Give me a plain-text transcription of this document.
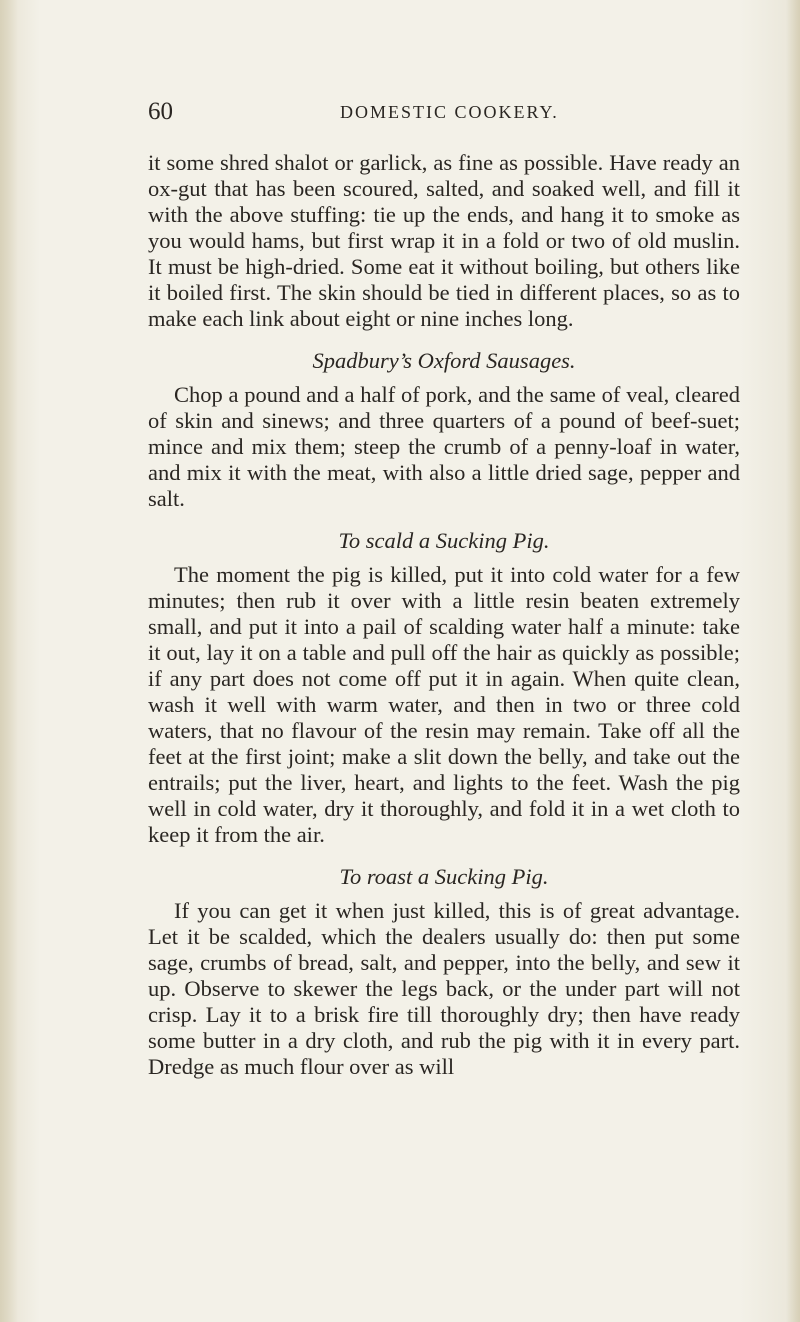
60	DOMESTIC COOKERY.

it some shred shalot or garlick, as fine as possible. Have ready an ox-gut that has been scoured, salted, and soaked well, and fill it with the above stuffing: tie up the ends, and hang it to smoke as you would hams, but first wrap it in a fold or two of old muslin. It must be high-dried. Some eat it without boiling, but others like it boiled first. The skin should be tied in different places, so as to make each link about eight or nine inches long.

Spadbury’s Oxford Sausages.

Chop a pound and a half of pork, and the same of veal, cleared of skin and sinews; and three quarters of a pound of beef-suet; mince and mix them; steep the crumb of a penny-loaf in water, and mix it with the meat, with also a little dried sage, pepper and salt.

To scald a Sucking Pig.

The moment the pig is killed, put it into cold water for a few minutes; then rub it over with a little resin beaten extremely small, and put it into a pail of scalding water half a minute: take it out, lay it on a table and pull off the hair as quickly as possible; if any part does not come off put it in again. When quite clean, wash it well with warm water, and then in two or three cold waters, that no flavour of the resin may remain. Take off all the feet at the first joint; make a slit down the belly, and take out the entrails; put the liver, heart, and lights to the feet. Wash the pig well in cold water, dry it thoroughly, and fold it in a wet cloth to keep it from the air.

To roast a Sucking Pig.

If you can get it when just killed, this is of great advantage. Let it be scalded, which the dealers usually do: then put some sage, crumbs of bread, salt, and pepper, into the belly, and sew it up. Observe to skewer the legs back, or the under part will not crisp. Lay it to a brisk fire till thoroughly dry; then have ready some butter in a dry cloth, and rub the pig with it in every part. Dredge as much flour over as will
